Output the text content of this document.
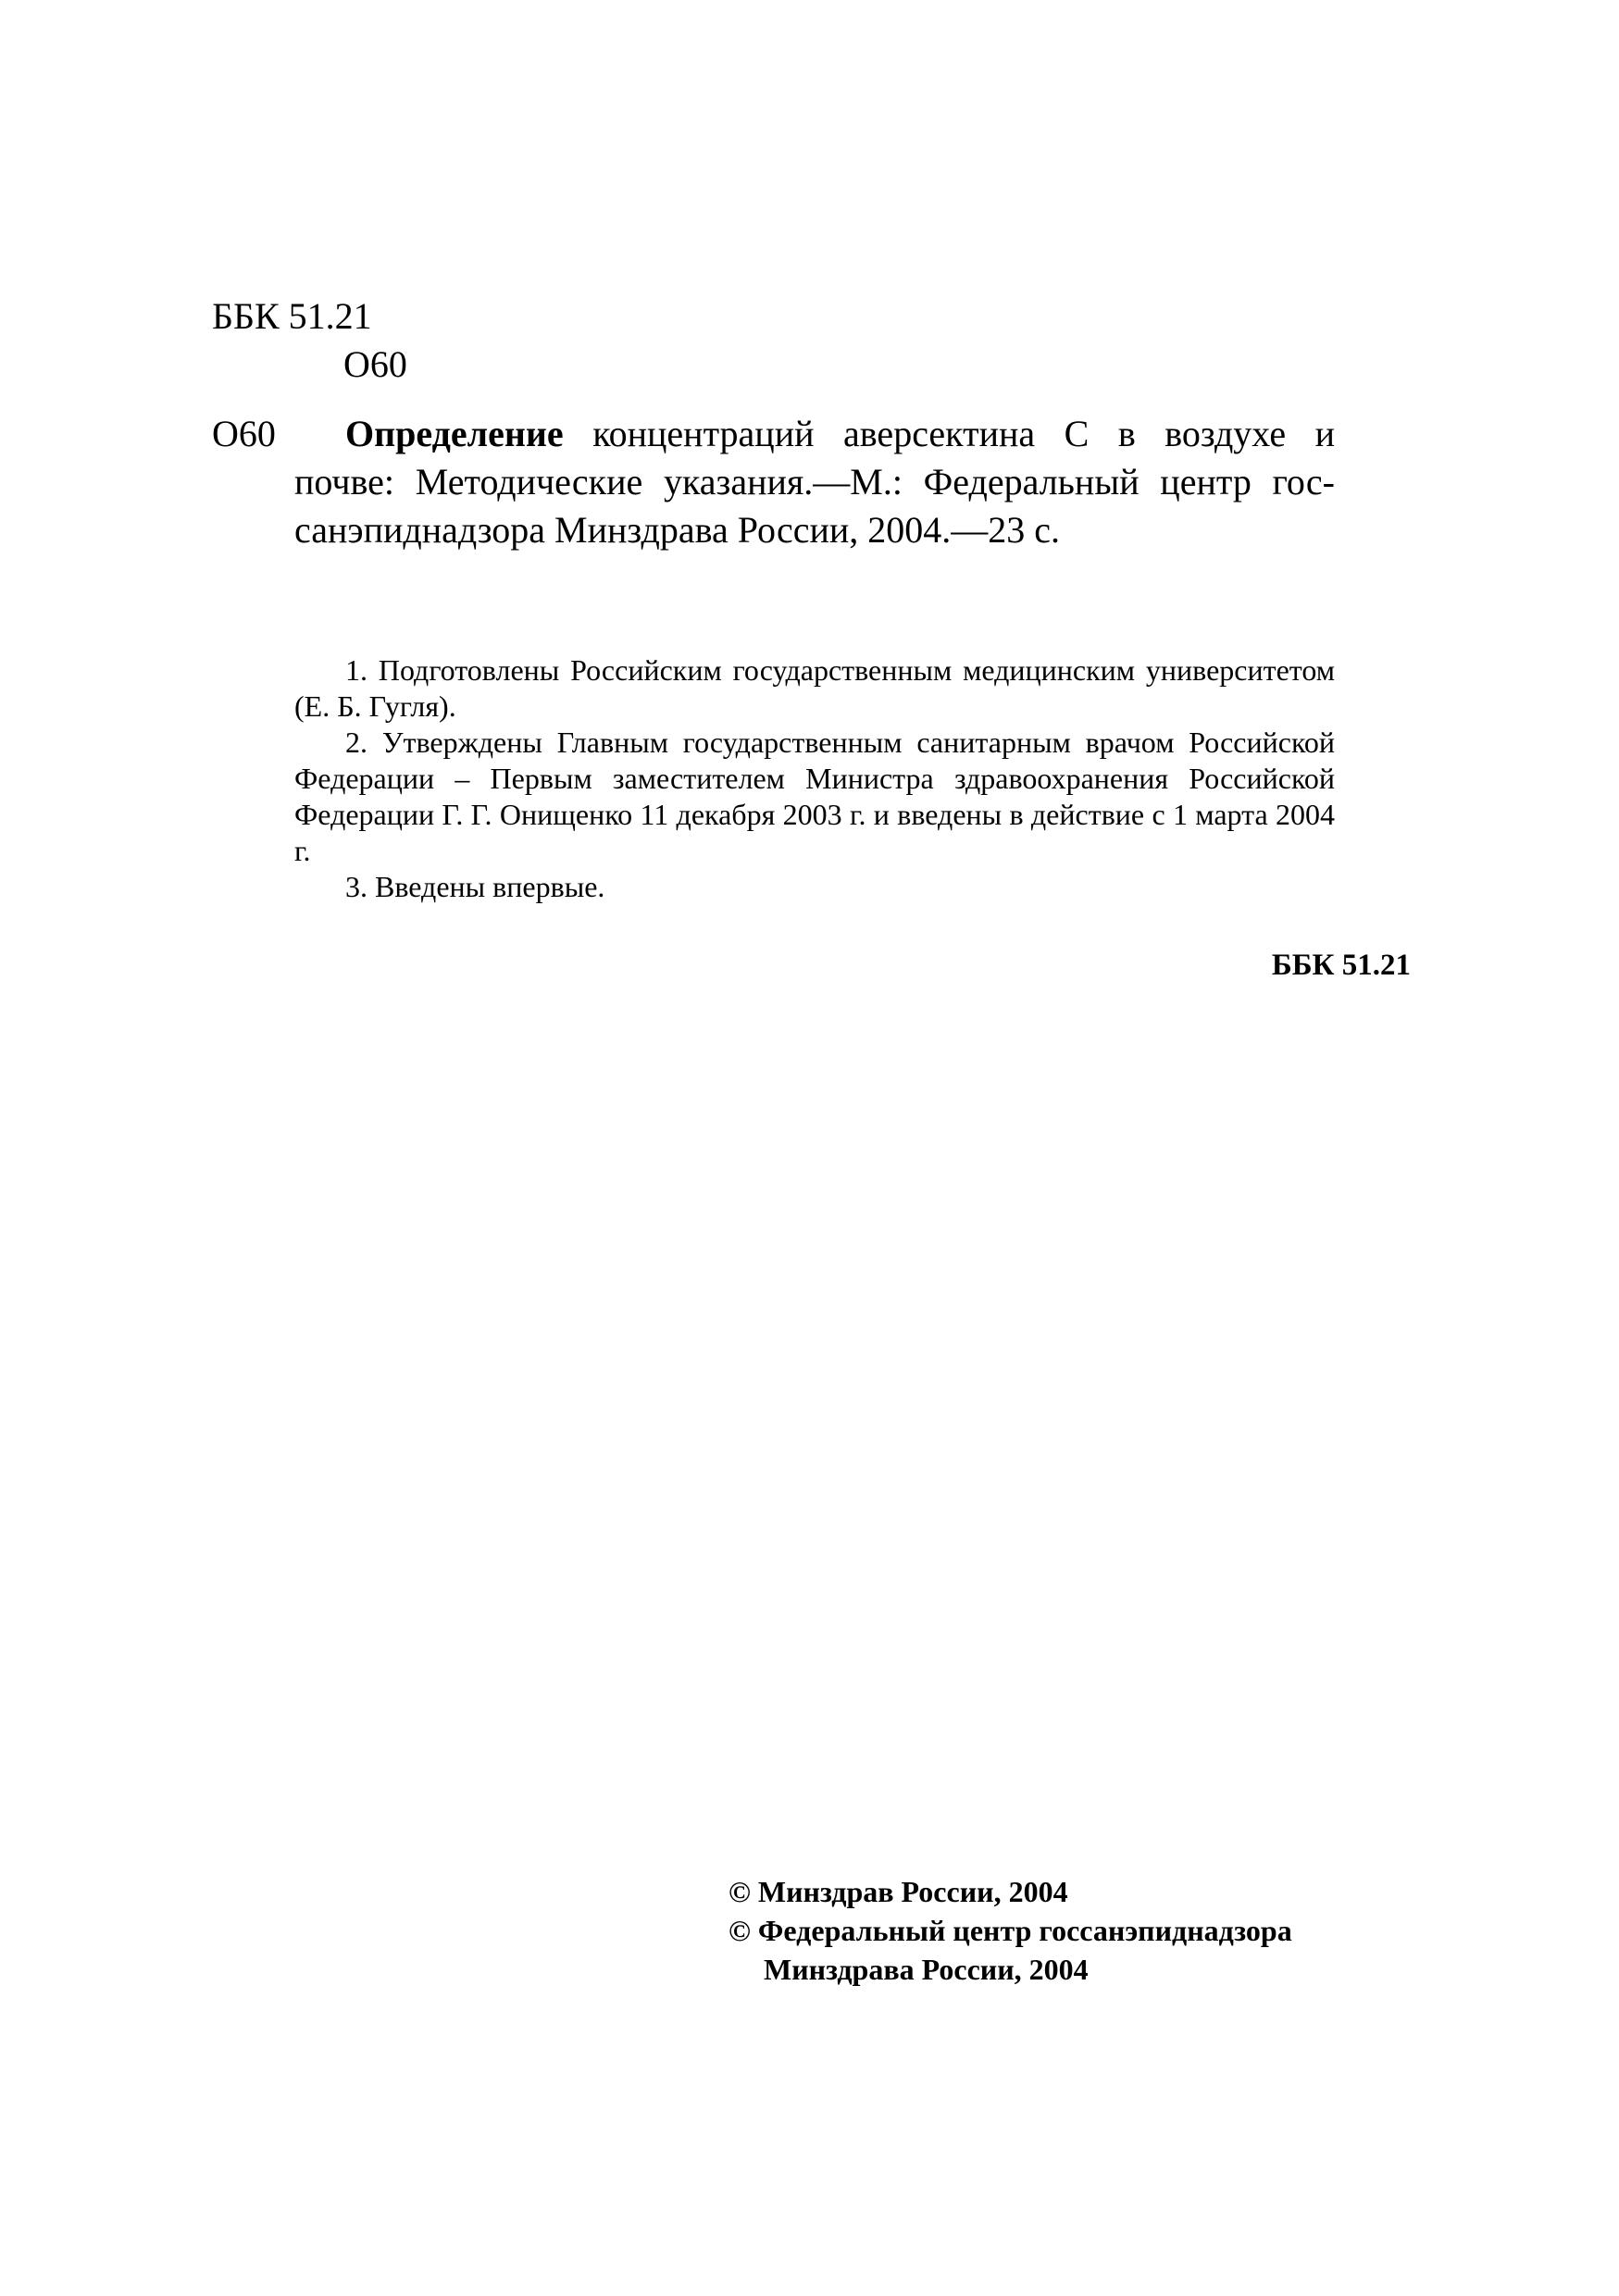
ББК 51.21
О60
О60	Определение концентраций аверсектина С в воздухе и
почве: Методические указания.—М.: Федеральный центр гос-
санэпиднадзора Минздрава России, 2004.—23 с.

1. Подготовлены Российским государственным медицинским университетом (Е. Б. Гугля).

2. Утверждены Главным государственным санитарным врачом Российской Федерации – Первым заместителем Министра здравоохранения Российской Федерации Г. Г. Онищенко 11 декабря 2003 г. и введены в действие с 1 марта 2004 г.

3. Введены впервые.

ББК 51.21
© Минздрав России, 2004
© Федеральный центр госсанэпиднадзора
Минздрава России, 2004
